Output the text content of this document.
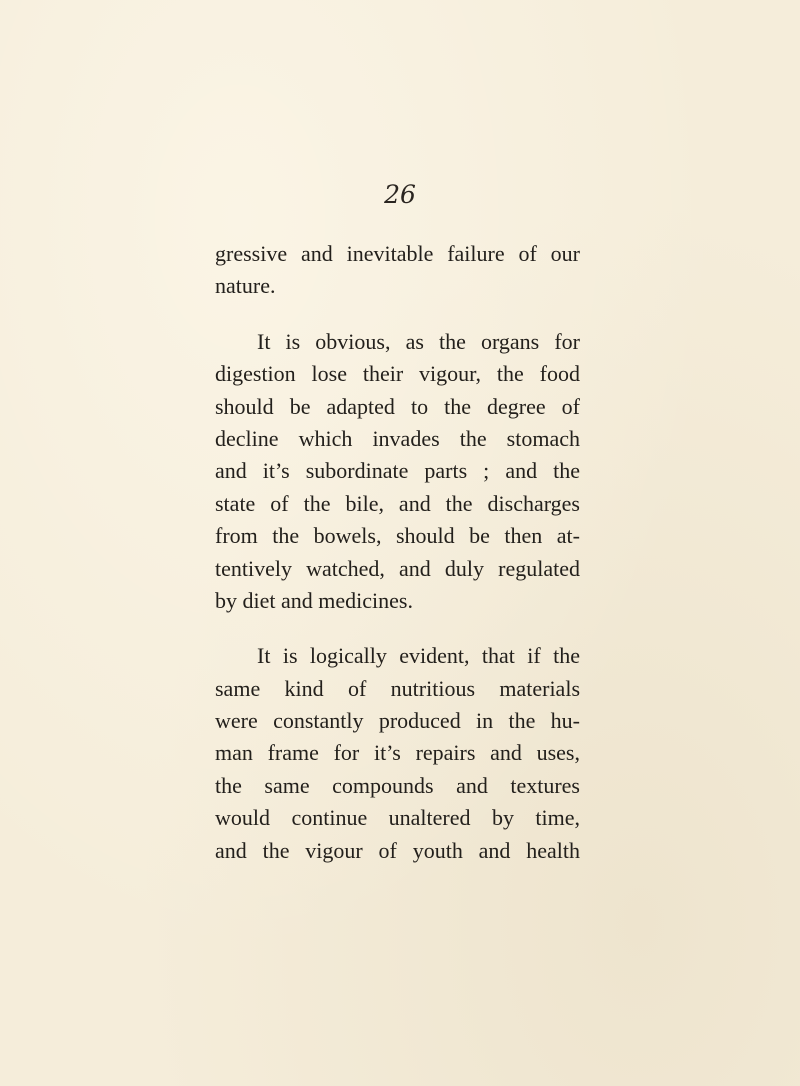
26
gressive and inevitable failure of our
nature.
It is obvious, as the organs for
digestion lose their vigour, the food
should be adapted to the degree of
decline which invades the stomach
and it’s subordinate parts ; and the
state of the bile, and the discharges
from the bowels, should be then at-
tentively watched, and duly regulated
by diet and medicines.
It is logically evident, that if the
same kind of nutritious materials
were constantly produced in the hu-
man frame for it’s repairs and uses,
the same compounds and textures
would continue unaltered by time,
and the vigour of youth and health
